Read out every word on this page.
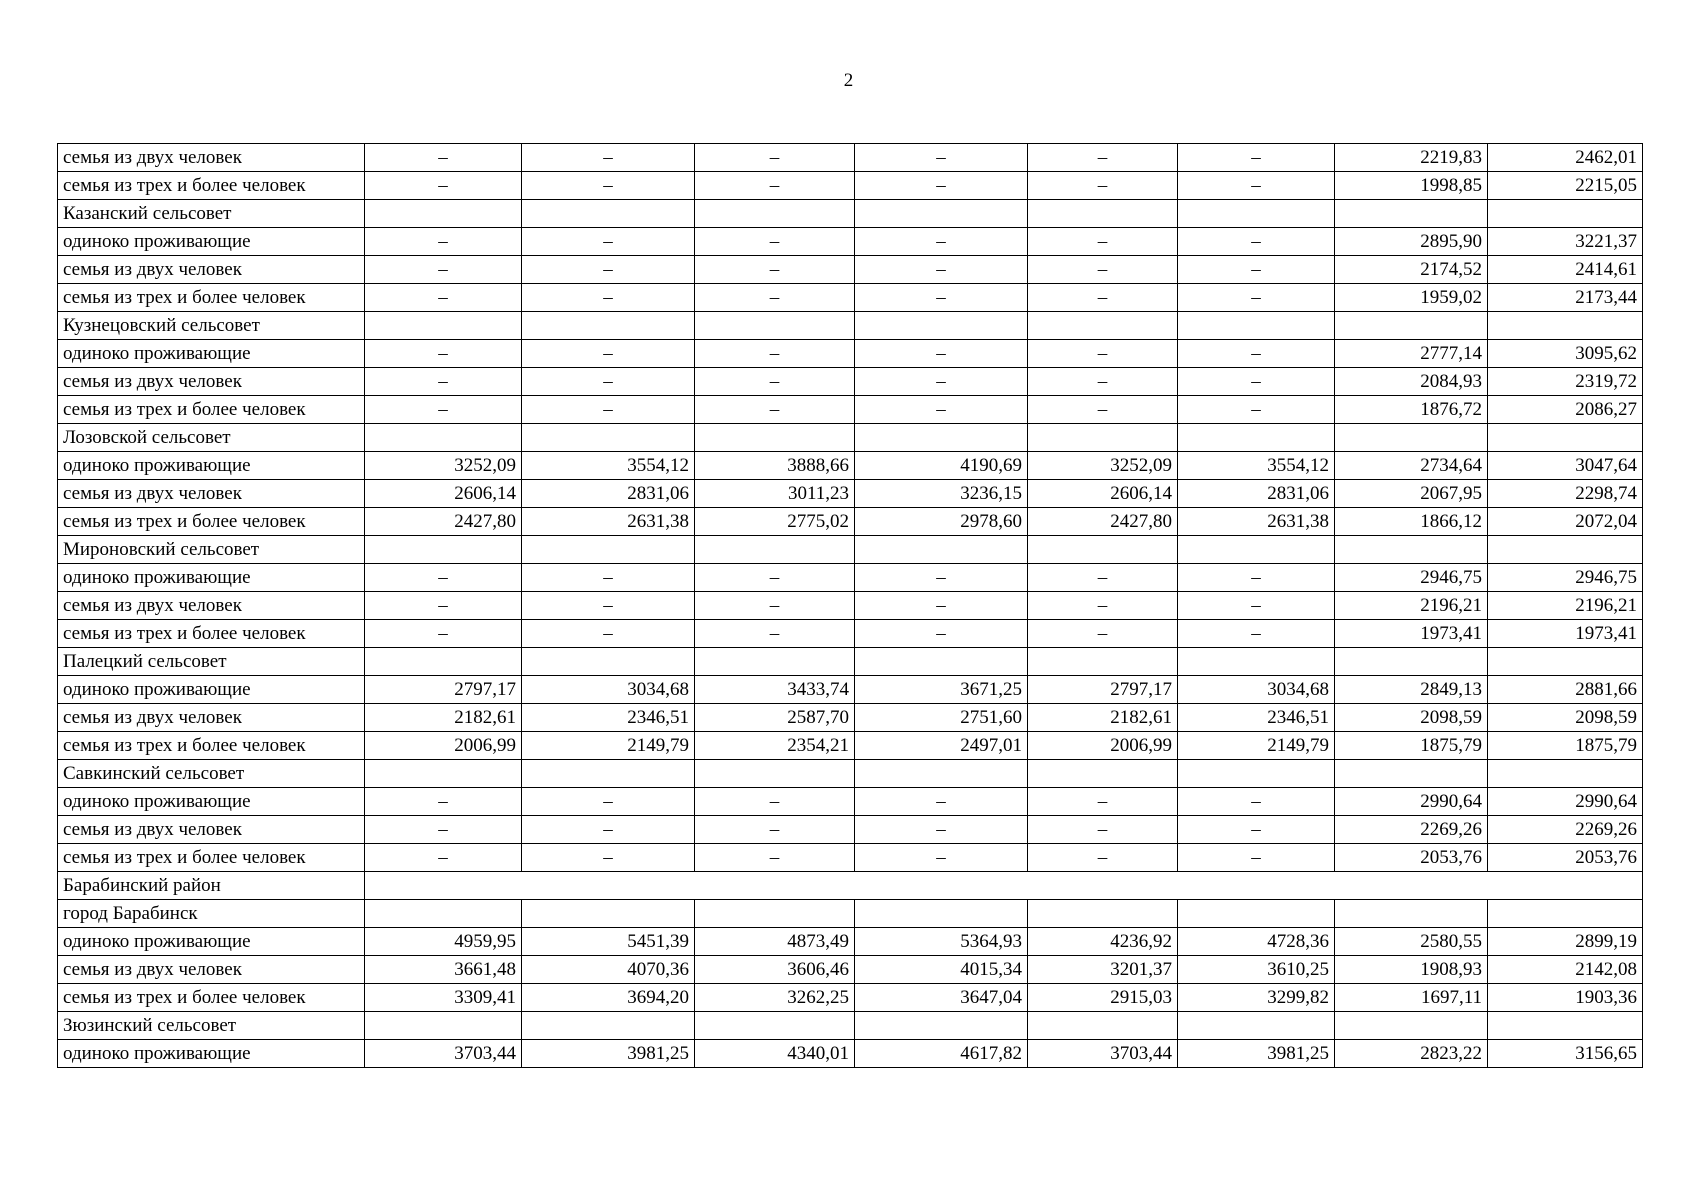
2
семья из двух человек	–	–	–	–	–	–	2219,83	2462,01
семья из трех и более человек	–	–	–	–	–	–	1998,85	2215,05
Казанский сельсовет								
одиноко проживающие	–	–	–	–	–	–	2895,90	3221,37
семья из двух человек	–	–	–	–	–	–	2174,52	2414,61
семья из трех и более человек	–	–	–	–	–	–	1959,02	2173,44
Кузнецовский сельсовет								
одиноко проживающие	–	–	–	–	–	–	2777,14	3095,62
семья из двух человек	–	–	–	–	–	–	2084,93	2319,72
семья из трех и более человек	–	–	–	–	–	–	1876,72	2086,27
Лозовской сельсовет								
одиноко проживающие	3252,09	3554,12	3888,66	4190,69	3252,09	3554,12	2734,64	3047,64
семья из двух человек	2606,14	2831,06	3011,23	3236,15	2606,14	2831,06	2067,95	2298,74
семья из трех и более человек	2427,80	2631,38	2775,02	2978,60	2427,80	2631,38	1866,12	2072,04
Мироновский сельсовет								
одиноко проживающие	–	–	–	–	–	–	2946,75	2946,75
семья из двух человек	–	–	–	–	–	–	2196,21	2196,21
семья из трех и более человек	–	–	–	–	–	–	1973,41	1973,41
Палецкий сельсовет								
одиноко проживающие	2797,17	3034,68	3433,74	3671,25	2797,17	3034,68	2849,13	2881,66
семья из двух человек	2182,61	2346,51	2587,70	2751,60	2182,61	2346,51	2098,59	2098,59
семья из трех и более человек	2006,99	2149,79	2354,21	2497,01	2006,99	2149,79	1875,79	1875,79
Савкинский сельсовет								
одиноко проживающие	–	–	–	–	–	–	2990,64	2990,64
семья из двух человек	–	–	–	–	–	–	2269,26	2269,26
семья из трех и более человек	–	–	–	–	–	–	2053,76	2053,76
Барабинский район								
город Барабинск								
одиноко проживающие	4959,95	5451,39	4873,49	5364,93	4236,92	4728,36	2580,55	2899,19
семья из двух человек	3661,48	4070,36	3606,46	4015,34	3201,37	3610,25	1908,93	2142,08
семья из трех и более человек	3309,41	3694,20	3262,25	3647,04	2915,03	3299,82	1697,11	1903,36
Зюзинский сельсовет								
одиноко проживающие	3703,44	3981,25	4340,01	4617,82	3703,44	3981,25	2823,22	3156,65
